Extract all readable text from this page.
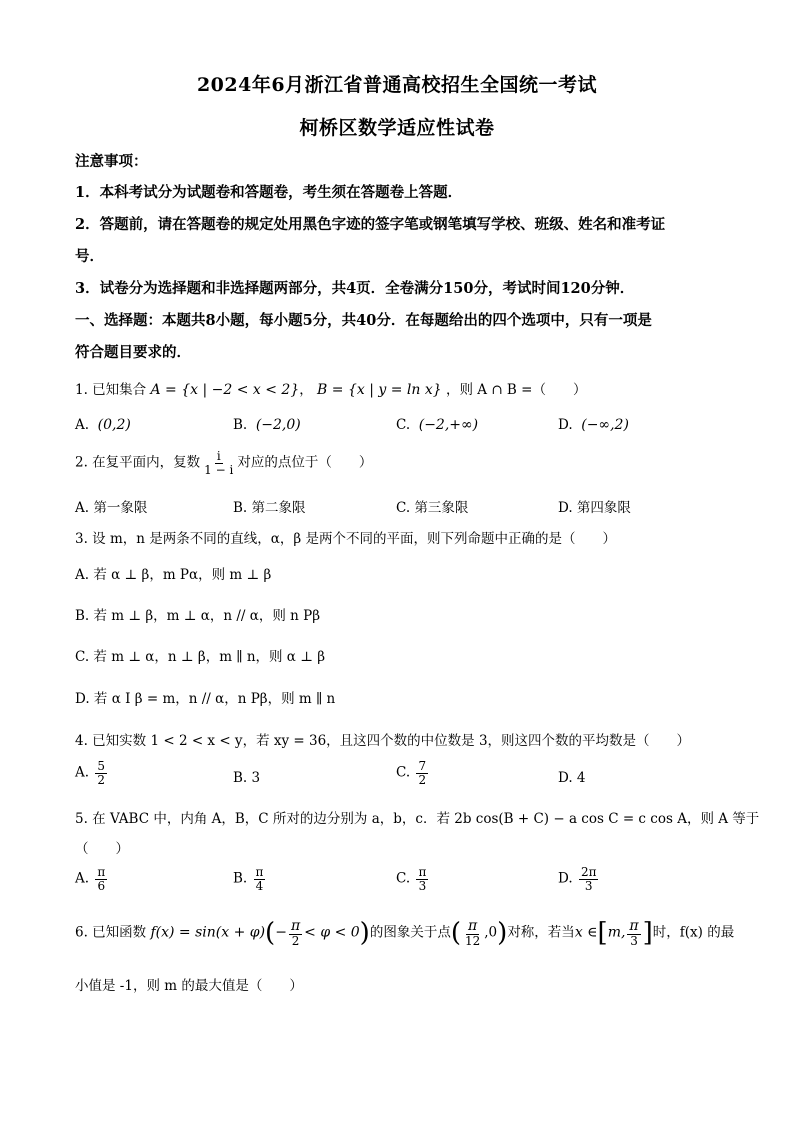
2024年6月浙江省普通高校招生全国统一考试
柯桥区数学适应性试卷
注意事项：
1．本科考试分为试题卷和答题卷，考生须在答题卷上答题．
2．答题前，请在答题卷的规定处用黑色字迹的签字笔或钢笔填写学校、班级、姓名和准考证
号．
3．试卷分为选择题和非选择题两部分，共4页．全卷满分150分，考试时间120分钟．
一、选择题：本题共8小题，每小题5分，共40分．在每题给出的四个选项中，只有一项是
符合题目要求的．
1. 已知集合 A = {x | −2 < x < 2}， B = {x | y = ln x} ，则 A ∩ B =（　　）
A. (0,2)	B. (−2,0)	C. (−2,+∞)	D. (−∞,2)
2. 在复平面内，复数 $\frac{i}{1 - i}$ 对应的点位于（　　）
A. 第一象限	B. 第二象限	C. 第三象限	D. 第四象限
3. 设 m，n 是两条不同的直线，α，β 是两个不同的平面，则下列命题中正确的是（　　）
A. 若 α ⊥ β，m Pα，则 m ⊥ β
B. 若 m ⊥ β，m ⊥ α，n // α，则 n Pβ
C. 若 m ⊥ α，n ⊥ β，m ∥ n，则 α ⊥ β
D. 若 α I β = m，n // α，n Pβ，则 m ∥ n
4. 已知实数 1 < 2 < x < y，若 xy = 36，且这四个数的中位数是 3，则这四个数的平均数是（　　）
A. $\frac{5}{2}$	B. 3	C. $\frac{7}{2}$	D. 4
5. 在 VABC 中，内角 A，B，C 所对的边分别为 a，b，c．若 2b cos(B + C) − a cos C = c cos A，则 A 等于
（　　）
A. $\frac{\pi}{6}$	B. $\frac{\pi}{4}$	C. $\frac{\pi}{3}$	D. $\frac{2\pi}{3}$
6. 已知函数 $f(x) = \sin(x + \varphi)(- \frac{\pi}{2} < \varphi < 0)$的图象关于点( $\frac{\pi}{12} ,0$)对称，若当x ∈[m, $\frac{\pi}{3}$ ]时，f(x) 的最
小值是 -1，则 m 的最大值是（　　）
